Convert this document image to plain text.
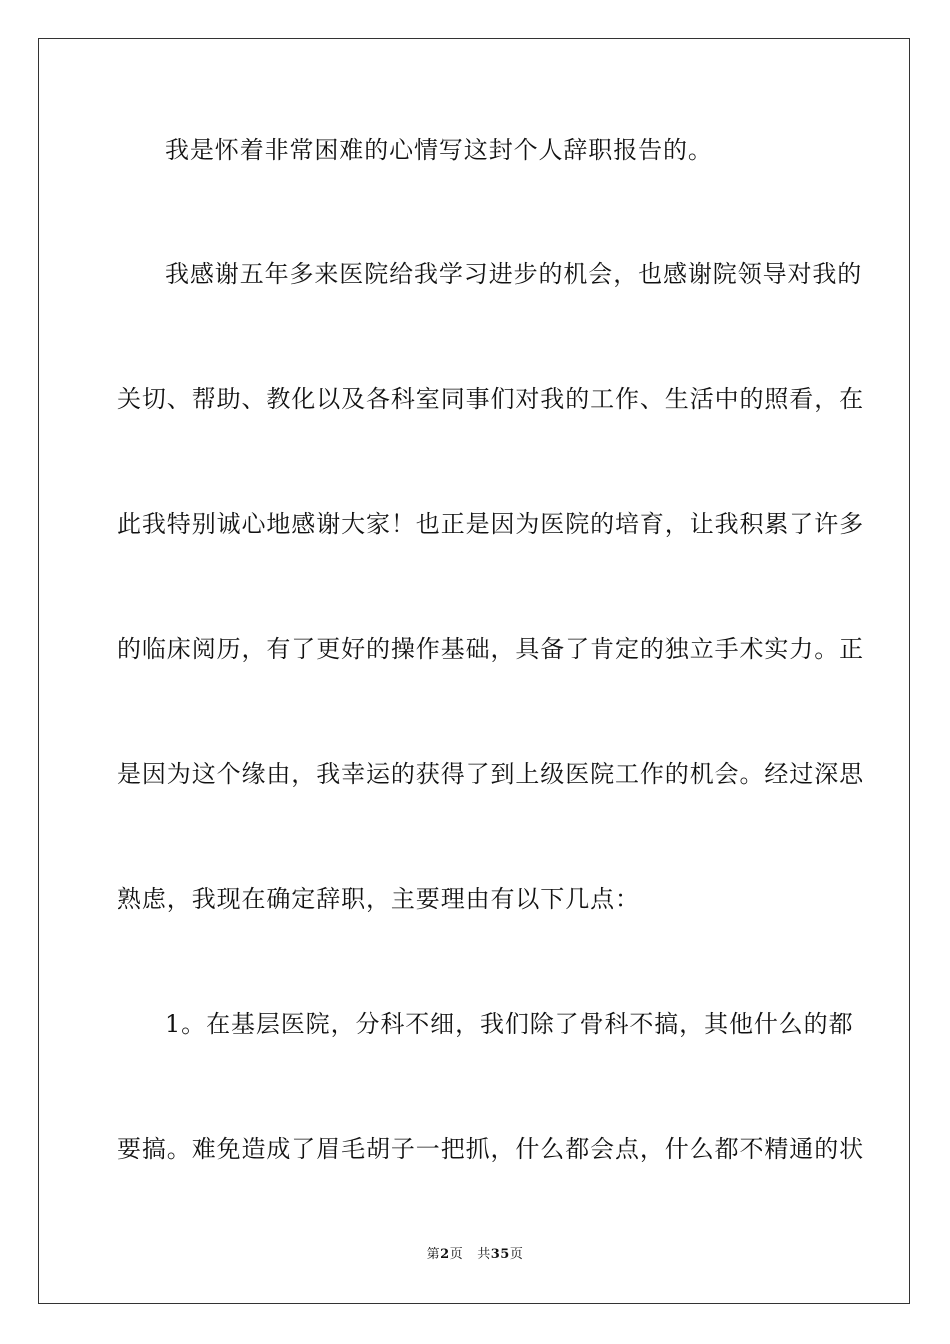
我是怀着非常困难的心情写这封个人辞职报告的。
我感谢五年多来医院给我学习进步的机会，也感谢院领导对我的
关切、帮助、教化以及各科室同事们对我的工作、生活中的照看，在
此我特别诚心地感谢大家！也正是因为医院的培育，让我积累了许多
的临床阅历，有了更好的操作基础，具备了肯定的独立手术实力。正
是因为这个缘由，我幸运的获得了到上级医院工作的机会。经过深思
熟虑，我现在确定辞职，主要理由有以下几点：
1。在基层医院，分科不细，我们除了骨科不搞，其他什么的都
要搞。难免造成了眉毛胡子一把抓，什么都会点，什么都不精通的状
第2页 共35页
